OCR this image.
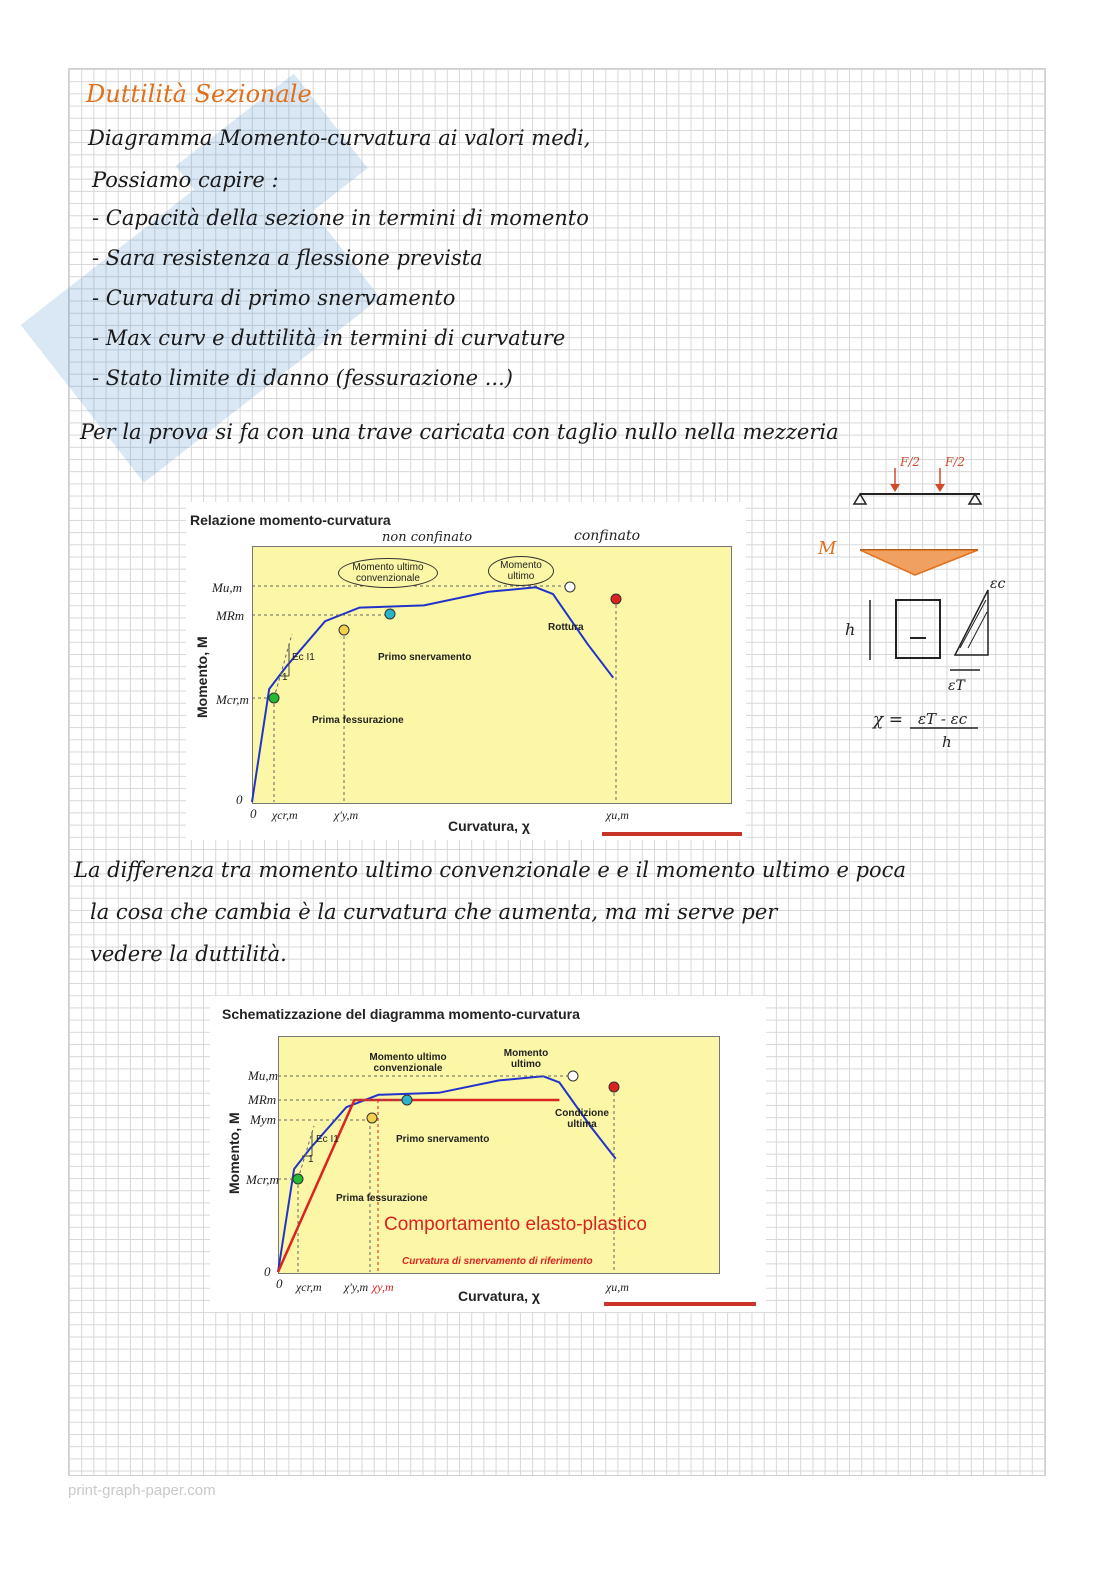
Duttilità Sezionale
Diagramma Momento-curvatura ai valori medi,
Possiamo capire :
- Capacità della sezione in termini di momento
- Sara resistenza a flessione prevista
- Curvatura di primo snervamento
- Max curv e duttilità in termini di curvature
- Stato limite di danno (fessurazione ...)
Per la prova si fa con una trave caricata con taglio nullo nella mezzeria
F/2 F/2
M
h
εc
εT
χ = εT - εc
h
Relazione momento-curvatura
non confinato	confinato
Momento ultimo convenzionale
Momento ultimo
Rottura
Primo snervamento
Prima fessurazione
Ec I1
1
Mu,m
MRm
Mcr,m
0
0 χcr,m	χ'y,m	χu,m
Curvatura, χ
Momento, M
La differenza tra momento ultimo convenzionale e e il momento ultimo e poca
la cosa che cambia è la curvatura che aumenta, ma mi serve per
vedere la duttilità.
Schematizzazione del diagramma momento-curvatura
Momento ultimo convenzionale
Momento ultimo
Condizione ultima
Primo snervamento
Prima fessurazione
Ec I1
1
Comportamento elasto-plastico
Curvatura di snervamento di riferimento
Mu,m
MRm
Mym
Mcr,m
0
0 χcr,m χ'y,m χy,m	χu,m
Curvatura, χ
Momento, M
print-graph-paper.com
